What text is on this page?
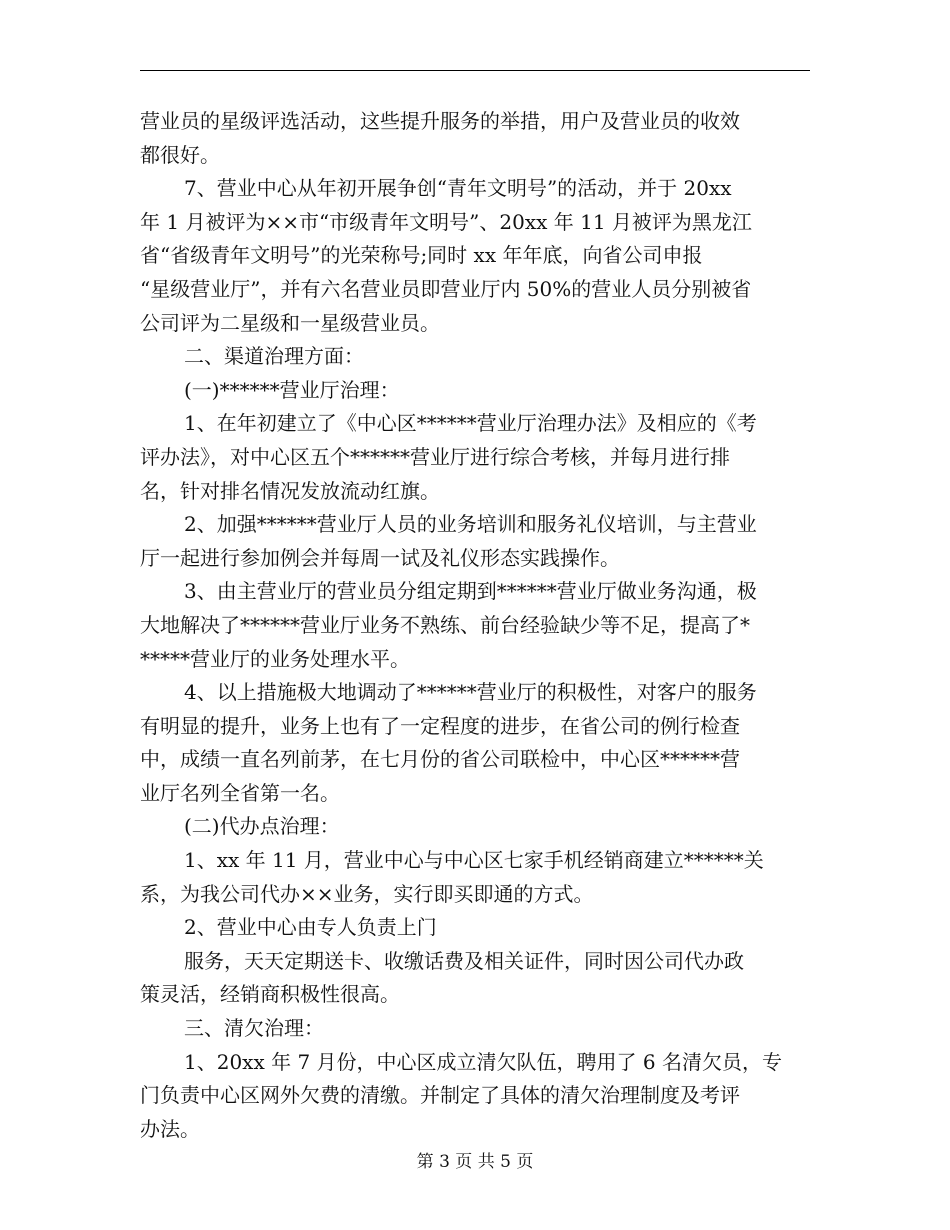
营业员的星级评选活动，这些提升服务的举措，用户及营业员的收效
都很好。
7、营业中心从年初开展争创“青年文明号”的活动，并于 20xx
年 1 月被评为××市“市级青年文明号”、20xx 年 11 月被评为黑龙江
省“省级青年文明号”的光荣称号;同时 xx 年年底，向省公司申报
“星级营业厅”，并有六名营业员即营业厅内 50%的营业人员分别被省
公司评为二星级和一星级营业员。
二、渠道治理方面：
(一)******营业厅治理：
1、在年初建立了《中心区******营业厅治理办法》及相应的《考
评办法》，对中心区五个******营业厅进行综合考核，并每月进行排
名，针对排名情况发放流动红旗。
2、加强******营业厅人员的业务培训和服务礼仪培训，与主营业
厅一起进行参加例会并每周一试及礼仪形态实践操作。
3、由主营业厅的营业员分组定期到******营业厅做业务沟通，极
大地解决了******营业厅业务不熟练、前台经验缺少等不足，提高了*
*****营业厅的业务处理水平。
4、以上措施极大地调动了******营业厅的积极性，对客户的服务
有明显的提升，业务上也有了一定程度的进步，在省公司的例行检查
中，成绩一直名列前茅，在七月份的省公司联检中，中心区******营
业厅名列全省第一名。
(二)代办点治理：
1、xx 年 11 月，营业中心与中心区七家手机经销商建立******关
系，为我公司代办××业务，实行即买即通的方式。
2、营业中心由专人负责上门
服务，天天定期送卡、收缴话费及相关证件，同时因公司代办政
策灵活，经销商积极性很高。
三、清欠治理：
1、20xx 年 7 月份，中心区成立清欠队伍，聘用了 6 名清欠员，专
门负责中心区网外欠费的清缴。并制定了具体的清欠治理制度及考评
办法。
第 3 页 共 5 页
